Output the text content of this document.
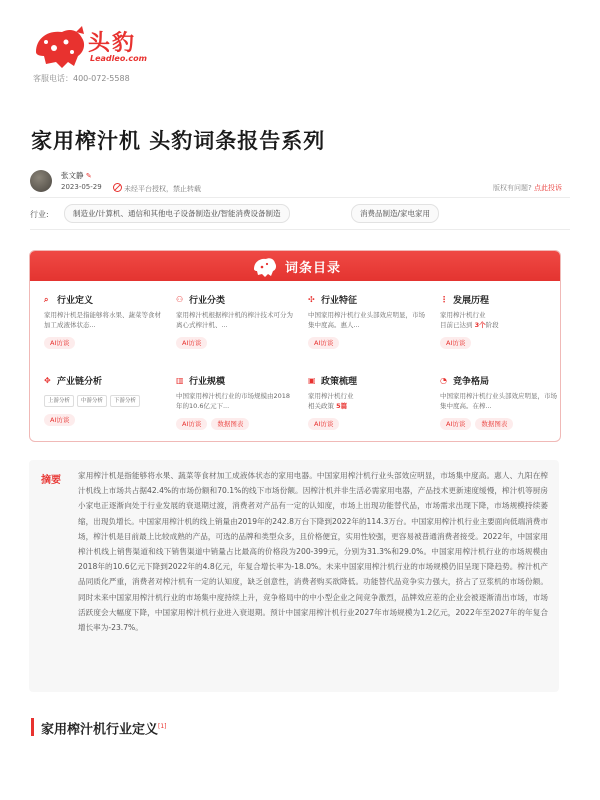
头豹
Leadleo.com
客服电话：400-072-5588
家用榨汁机 头豹词条报告系列
张文静 ✎
2023-05-29	未经平台授权，禁止转载	版权有问题? 点此投诉
行业:	制造业/计算机、通信和其他电子设备制造业/智能消费设备制造	消费品制造/家电家用
词条目录
⌕ 行业定义
家用榨汁机是指能够将水果、蔬菜等食材加工成液体状态...
AI访谈
⚇ 行业分类
家用榨汁机根据榨汁机的榨汁技术可分为离心式榨汁机、...
AI访谈
✣ 行业特征
中国家用榨汁机行业头部效应明显，市场集中度高。惠人...
AI访谈
⋮ 发展历程
家用榨汁机行业
目前已达到 3个阶段
AI访谈
✥ 产业链分析
上游分析 中游分析 下游分析
AI访谈
▥ 行业规模
中国家用榨汁机行业的市场规模由2018年的10.6亿元下...
AI访谈 数据图表
▣ 政策梳理
家用榨汁机行业
相关政策 5篇
AI访谈
◔ 竞争格局
中国家用榨汁机行业头部效应明显，市场集中度高。在榨...
AI访谈 数据图表
摘要 家用榨汁机是指能够将水果、蔬菜等食材加工成液体状态的家用电器。中国家用榨汁机行业头部效应明显，市场集中度高。惠人、九阳在榨汁机线上市场共占据42.4%的市场份额和70.1%的线下市场份额。因榨汁机并非生活必需家用电器，产品技术更新速度缓慢，榨汁机等厨房小家电正逐渐向处于行业发展的衰退期过渡，消费者对产品有一定的认知度，市场上出现功能替代品，市场需求出现下降，市场规模持续萎缩，出现负增长。中国家用榨汁机的线上销量由2019年的242.8万台下降到2022年的114.3万台。中国家用榨汁机行业主要面向低端消费市场，榨汁机是目前最上比较成熟的产品，可选的品牌和类型众多，且价格便宜，实用性较强，更容易被普通消费者接受。2022年，中国家用榨汁机线上销售渠道和线下销售渠道中销量占比最高的价格段为200-399元，分别为31.3%和29.0%。中国家用榨汁机行业的市场规模由2018年的10.6亿元下降到2022年的4.8亿元，年复合增长率为-18.0%。未来中国家用榨汁机行业的市场规模仍旧呈现下降趋势。榨汁机产品同质化严重，消费者对榨汁机有一定的认知度，缺乏创意性，消费者购买欲降低。功能替代品竞争实力强大，挤占了豆浆机的市场份额。同时未来中国家用榨汁机行业的市场集中度持续上升，竞争格局中的中小型企业之间竞争激烈，品牌效应差的企业会被逐渐清出市场，市场活跃度会大幅度下降，中国家用榨汁机行业进入衰退期。预计中国家用榨汁机行业2027年市场规模为1.2亿元，2022年至2027年的年复合增长率为-23.7%。
家用榨汁机行业定义[1]
